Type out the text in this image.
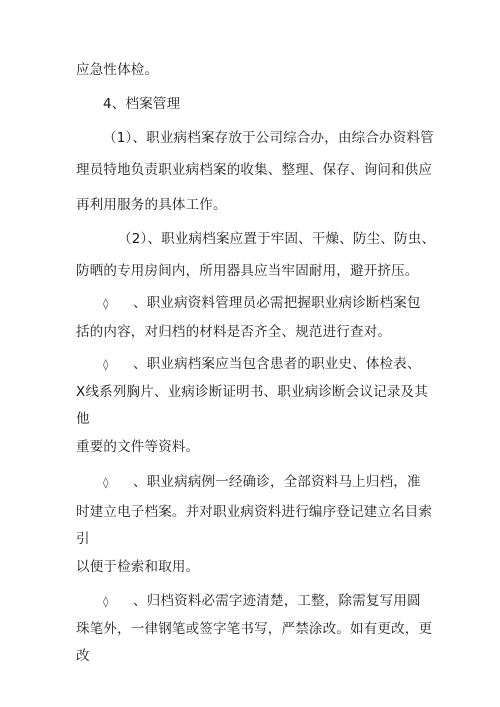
应急性体检。
4、档案管理
（1）、职业病档案存放于公司综合办，由综合办资料管
理员特地负责职业病档案的收集、整理、保存、询问和供应
再利用服务的具体工作。
（2）、职业病档案应置于牢固、干燥、防尘、防虫、
防晒的专用房间内，所用器具应当牢固耐用，避开挤压。
◊ 、职业病资料管理员必需把握职业病诊断档案包
括的内容，对归档的材料是否齐全、规范进行查对。
◊ 、职业病档案应当包含患者的职业史、体检表、
X线系列胸片、业病诊断证明书、职业病诊断会议记录及其
他
重要的文件等资料。
◊ 、职业病病例一经确诊，全部资料马上归档，准
时建立电子档案。并对职业病资料进行编序登记建立名目索
引
以便于检索和取用。
◊ 、归档资料必需字迹清楚，工整，除需复写用圆
珠笔外，一律钢笔或签字笔书写，严禁涂改。如有更改，更
改
